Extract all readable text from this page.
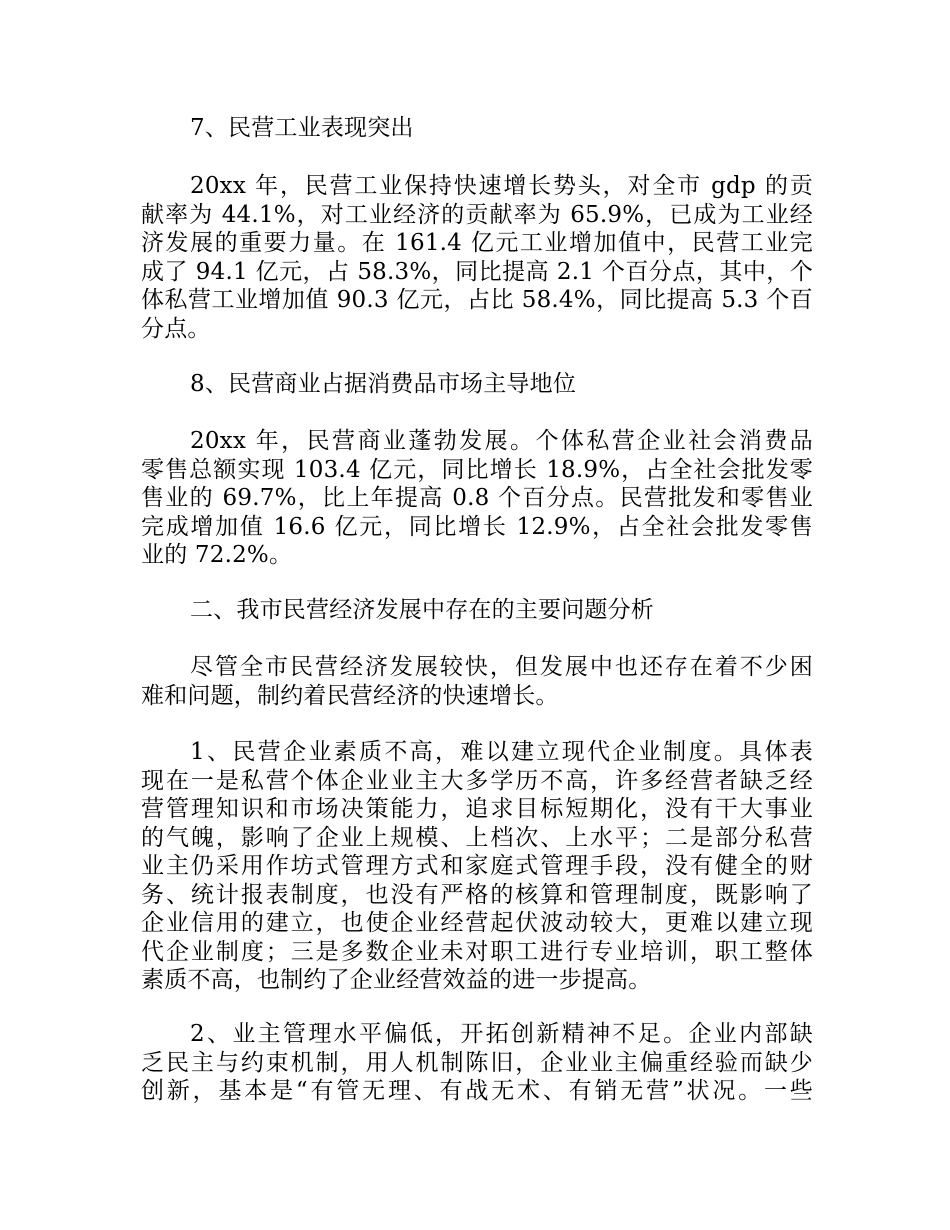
7、民营工业表现突出

20xx 年，民营工业保持快速增长势头，对全市 gdp 的贡
献率为 44.1%，对工业经济的贡献率为 65.9%，已成为工业经
济发展的重要力量。在 161.4 亿元工业增加值中，民营工业完
成了 94.1 亿元，占 58.3%，同比提高 2.1 个百分点，其中，个
体私营工业增加值 90.3 亿元，占比 58.4%，同比提高 5.3 个百
分点。

8、民营商业占据消费品市场主导地位

20xx 年，民营商业蓬勃发展。个体私营企业社会消费品
零售总额实现 103.4 亿元，同比增长 18.9%，占全社会批发零
售业的 69.7%，比上年提高 0.8 个百分点。民营批发和零售业
完成增加值 16.6 亿元，同比增长 12.9%，占全社会批发零售
业的 72.2%。

二、我市民营经济发展中存在的主要问题分析

尽管全市民营经济发展较快，但发展中也还存在着不少困
难和问题，制约着民营经济的快速增长。

1、民营企业素质不高，难以建立现代企业制度。具体表
现在一是私营个体企业业主大多学历不高，许多经营者缺乏经
营管理知识和市场决策能力，追求目标短期化，没有干大事业
的气魄，影响了企业上规模、上档次、上水平；二是部分私营
业主仍采用作坊式管理方式和家庭式管理手段，没有健全的财
务、统计报表制度，也没有严格的核算和管理制度，既影响了
企业信用的建立，也使企业经营起伏波动较大，更难以建立现
代企业制度；三是多数企业未对职工进行专业培训，职工整体
素质不高，也制约了企业经营效益的进一步提高。

2、业主管理水平偏低，开拓创新精神不足。企业内部缺
乏民主与约束机制，用人机制陈旧，企业业主偏重经验而缺少
创新，基本是“有管无理、有战无术、有销无营”状况。一些
